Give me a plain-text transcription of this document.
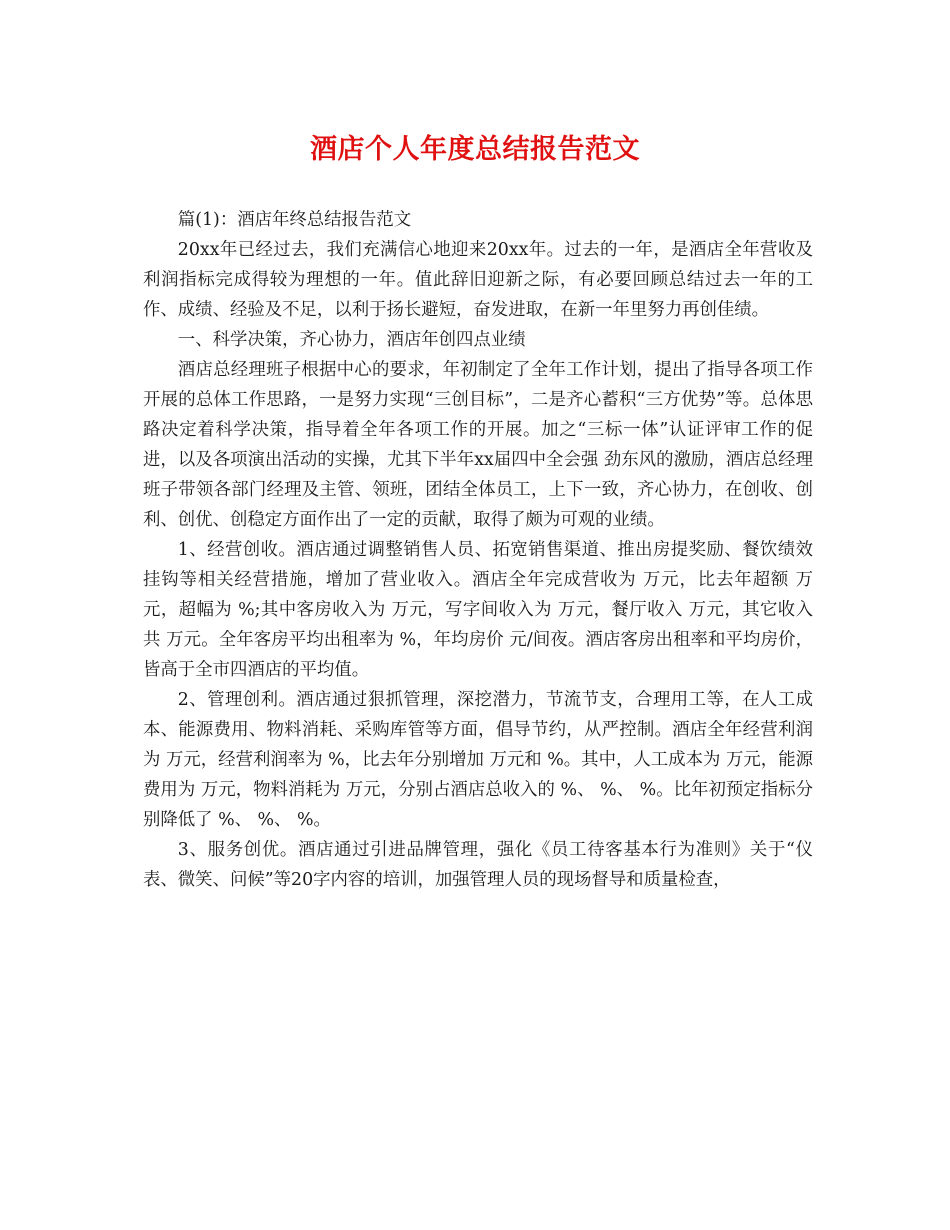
酒店个人年度总结报告范文

篇(1)：酒店年终总结报告范文

20xx年已经过去，我们充满信心地迎来20xx年。过去的一年，是酒店全年营收及利润指标完成得较为理想的一年。值此辞旧迎新之际，有必要回顾总结过去一年的工作、成绩、经验及不足，以利于扬长避短，奋发进取，在新一年里努力再创佳绩。

一、科学决策，齐心协力，酒店年创四点业绩

酒店总经理班子根据中心的要求，年初制定了全年工作计划，提出了指导各项工作开展的总体工作思路，一是努力实现“三创目标”，二是齐心蓄积“三方优势”等。总体思路决定着科学决策，指导着全年各项工作的开展。加之“三标一体”认证评审工作的促进，以及各项演出活动的实操，尤其下半年xx届四中全会强 劲东风的激励，酒店总经理班子带领各部门经理及主管、领班，团结全体员工，上下一致，齐心协力，在创收、创利、创优、创稳定方面作出了一定的贡献，取得了颇为可观的业绩。

1、经营创收。酒店通过调整销售人员、拓宽销售渠道、推出房提奖励、餐饮绩效挂钩等相关经营措施，增加了营业收入。酒店全年完成营收为 万元，比去年超额 万元，超幅为 %;其中客房收入为 万元，写字间收入为 万元，餐厅收入 万元，其它收入共 万元。全年客房平均出租率为 %，年均房价 元/间夜。酒店客房出租率和平均房价，皆高于全市四酒店的平均值。

2、管理创利。酒店通过狠抓管理，深挖潜力，节流节支，合理用工等，在人工成本、能源费用、物料消耗、采购库管等方面，倡导节约，从严控制。酒店全年经营利润为 万元，经营利润率为 %，比去年分别增加 万元和 %。其中，人工成本为 万元，能源费用为 万元，物料消耗为 万元，分别占酒店总收入的 %、 %、 %。比年初预定指标分别降低了 %、 %、 %。

3、服务创优。酒店通过引进品牌管理，强化《员工待客基本行为准则》关于“仪表、微笑、问候”等20字内容的培训，加强管理人员的现场督导和质量检查，
